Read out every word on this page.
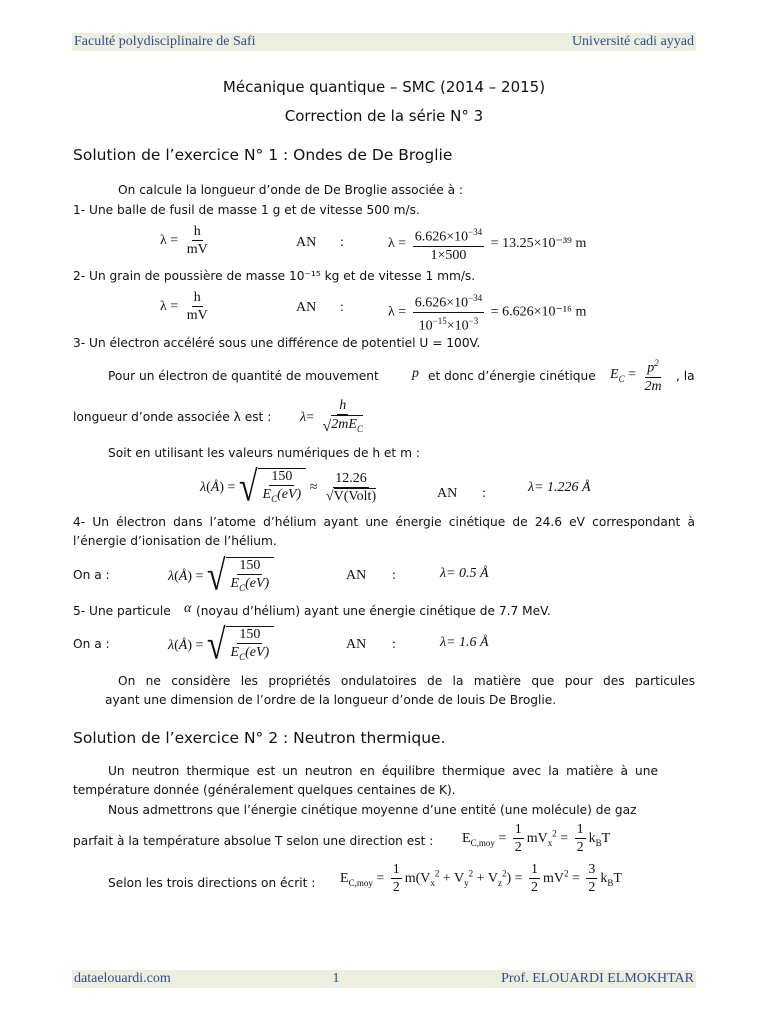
Faculté polydisciplinaire de Safi	Université cadi ayyad
Mécanique quantique – SMC (2014 – 2015)
Correction de la série N° 3
Solution de l’exercice N° 1 : Ondes de De Broglie
On calcule la longueur d’onde de De Broglie associée à :
1- Une balle de fusil de masse 1 g et de vitesse 500 m/s.
$\lambda = \frac{h}{mV}$	AN :	$\lambda = \frac{6.626\times 10^{-34}}{1\times 500} = 13.25\times 10^{-39}$ m
2- Un grain de poussière de masse 10⁻¹⁵ kg et de vitesse 1 mm/s.
$\lambda = \frac{h}{mV}$	AN :	$\lambda = \frac{6.626\times 10^{-34}}{10^{-15}\times 10^{-3}} = 6.626\times 10^{-16}$ m
3- Un électron accéléré sous une différence de potentiel U = 100V.
Pour un électron de quantité de mouvement p⃗
et donc d’énergie cinétique $E_C = \frac{p^2}{2m}$ , la
longueur d’onde associée λ est : $\lambda= \frac{h}{√ 2mE_C}$
Soit en utilisant les valeurs numériques de h et m :
λ(Å) = √ $\frac{150}{E_C(eV)} \approx \frac{12.26}{\text{√V(Volt)}}$	AN :	λ= 1.226 Å
4- Un électron dans l’atome d’hélium ayant une énergie cinétique de 24.6 eV correspondant à
l’énergie d’ionisation de l’hélium.
On a :	λ(Å) = √ $\frac{150}{E_C(eV)}$	AN :	λ= 0.5 Å
5- Une particule α (noyau d’hélium) ayant une énergie cinétique de 7.7 MeV.
On a :	λ(Å) = √ $\frac{150}{E_C(eV)}$	AN :	λ= 1.6 Å
On ne considère les propriétés ondulatoires de la matière que pour des particules
ayant une dimension de l’ordre de la longueur d’onde de louis De Broglie.
Solution de l’exercice N° 2 : Neutron thermique.
Un neutron thermique est un neutron en équilibre thermique avec la matière à une
température donnée (généralement quelques centaines de K).
Nous admettrons que l’énergie cinétique moyenne d’une entité (une molécule) de gaz
parfait à la température absolue T selon une direction est : $E_{C,moy} = \frac{1}{2} mV_x^2 = \frac{1}{2} k_BT$
Selon les trois directions on écrit : $E_{C,moy} = \frac{1}{2} m(V_x^2 + V_y^2 + V_z^2) = \frac{1}{2} mV^2 = \frac{3}{2} k_BT$
dataelouardi.com	1	Prof. ELOUARDI ELMOKHTAR
